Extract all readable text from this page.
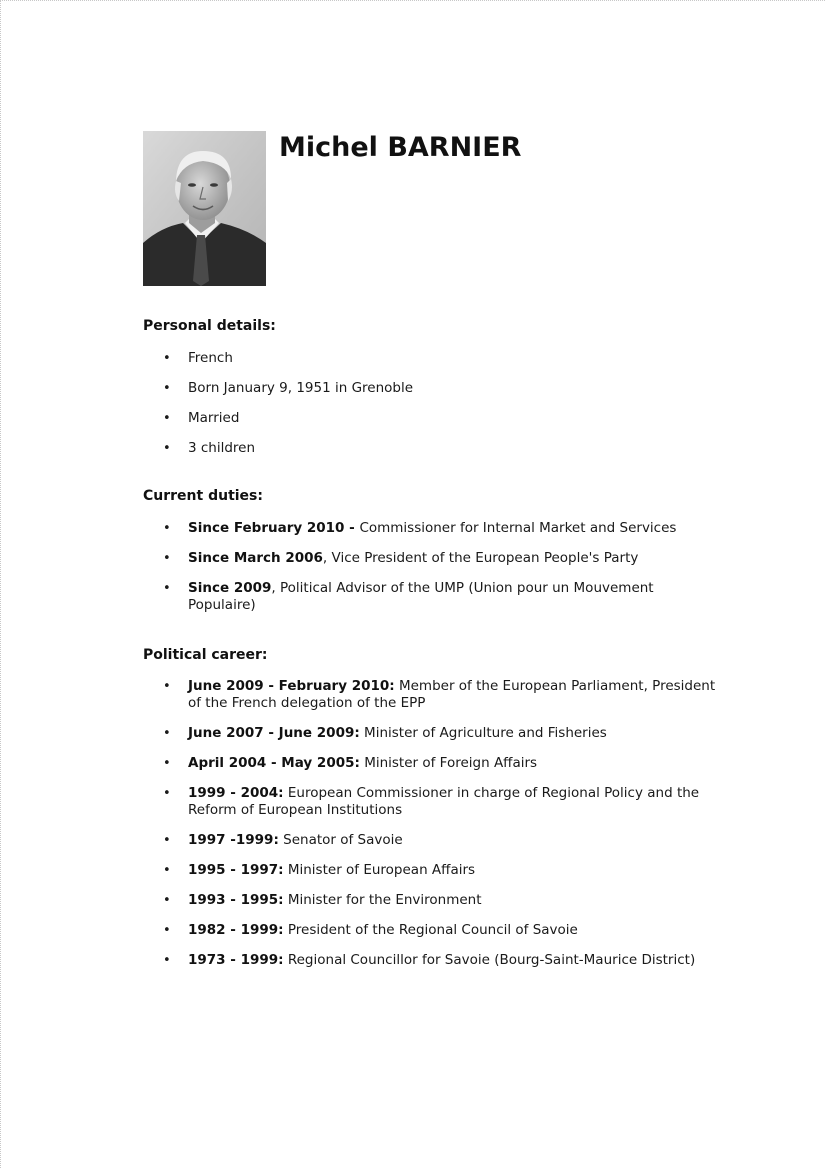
Michel BARNIER
Personal details:
• French
• Born January 9, 1951 in Grenoble
• Married
• 3 children
Current duties:
• Since February 2010 - Commissioner for Internal Market and Services
• Since March 2006, Vice President of the European People's Party
• Since 2009, Political Advisor of the UMP (Union pour un Mouvement Populaire)
Political career:
• June 2009 - February 2010: Member of the European Parliament, President of the French delegation of the EPP
• June 2007 - June 2009: Minister of Agriculture and Fisheries
• April 2004 - May 2005: Minister of Foreign Affairs
• 1999 - 2004: European Commissioner in charge of Regional Policy and the Reform of European Institutions
• 1997 -1999: Senator of Savoie
• 1995 - 1997: Minister of European Affairs
• 1993 - 1995: Minister for the Environment
• 1982 - 1999: President of the Regional Council of Savoie
• 1973 - 1999: Regional Councillor for Savoie (Bourg-Saint-Maurice District)
